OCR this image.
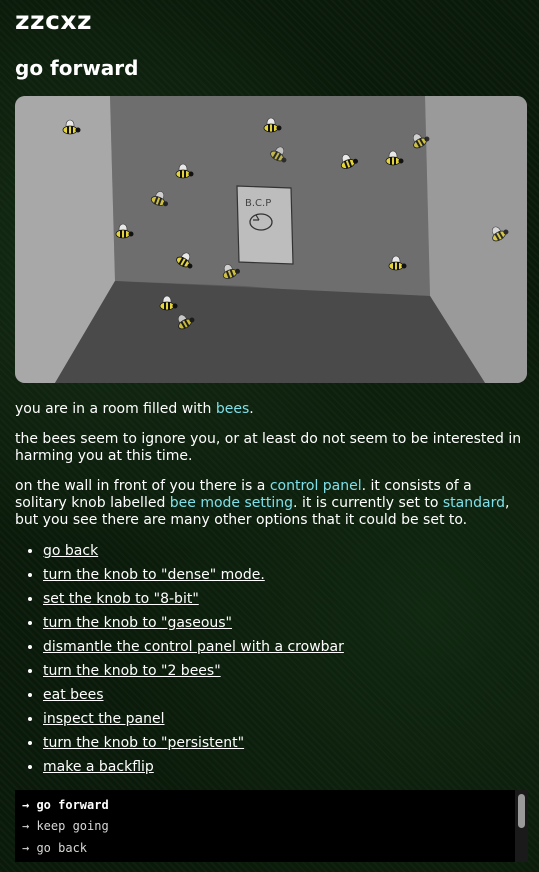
zzcxz
go forward
B.C.P
you are in a room filled with bees.
the bees seem to ignore you, or at least do not seem to be interested in harming you at this time.
on the wall in front of you there is a control panel. it consists of a solitary knob labelled bee mode setting. it is currently set to standard, but you see there are many other options that it could be set to.
• go back
• turn the knob to "dense" mode.
• set the knob to "8-bit"
• turn the knob to "gaseous"
• dismantle the control panel with a crowbar
• turn the knob to "2 bees"
• eat bees
• inspect the panel
• turn the knob to "persistent"
• make a backflip
→ go forward
→ keep going
→ go back
